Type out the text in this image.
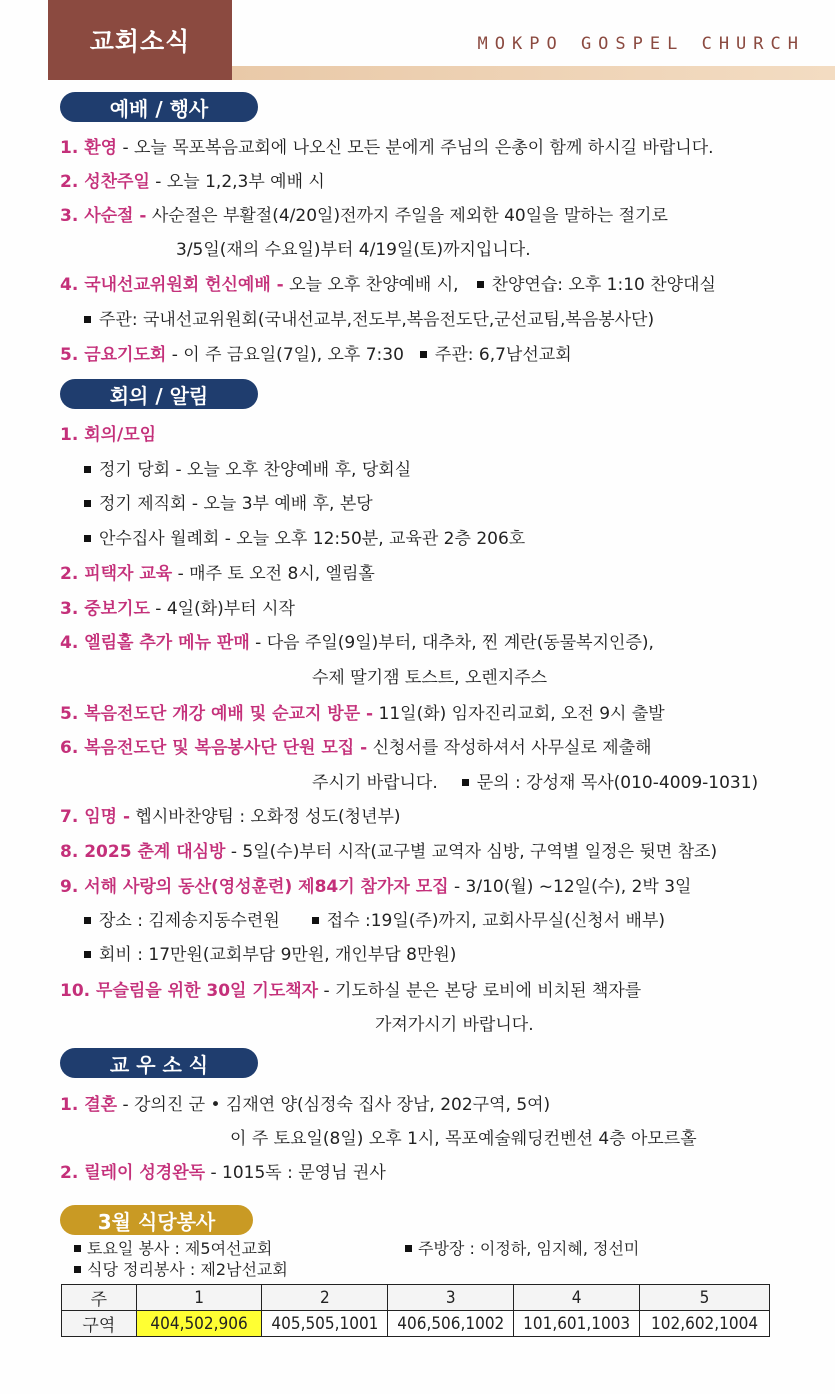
교회소식	MOKPO GOSPEL CHURCH
예배 / 행사
1. 환영 - 오늘 목포복음교회에 나오신 모든 분에게 주님의 은총이 함께 하시길 바랍니다.
2. 성찬주일 - 오늘 1,2,3부 예배 시
3. 사순절 - 사순절은 부활절(4/20일)전까지 주일을 제외한 40일을 말하는 절기로
3/5일(재의 수요일)부터 4/19일(토)까지입니다.
4. 국내선교위원회 헌신예배 - 오늘 오후 찬양예배 시, 찬양연습: 오후 1:10 찬양대실
주관: 국내선교위원회(국내선교부,전도부,복음전도단,군선교팀,복음봉사단)
5. 금요기도회 - 이 주 금요일(7일), 오후 7:30 주관: 6,7남선교회
회의 / 알림
1. 회의/모임
정기 당회 - 오늘 오후 찬양예배 후, 당회실
정기 제직회 - 오늘 3부 예배 후, 본당
안수집사 월례회 - 오늘 오후 12:50분, 교육관 2층 206호
2. 피택자 교육 - 매주 토 오전 8시, 엘림홀
3. 중보기도 - 4일(화)부터 시작
4. 엘림홀 추가 메뉴 판매 - 다음 주일(9일)부터, 대추차, 찐 계란(동물복지인증),
수제 딸기잼 토스트, 오렌지주스
5. 복음전도단 개강 예배 및 순교지 방문 - 11일(화) 임자진리교회, 오전 9시 출발
6. 복음전도단 및 복음봉사단 단원 모집 - 신청서를 작성하셔서 사무실로 제출해
주시기 바랍니다. 문의 : 강성재 목사(010-4009-1031)
7. 임명 - 헵시바찬양팀 : 오화정 성도(청년부)
8. 2025 춘계 대심방 - 5일(수)부터 시작(교구별 교역자 심방, 구역별 일정은 뒷면 참조)
9. 서해 사랑의 동산(영성훈련) 제84기 참가자 모집 - 3/10(월) ~12일(수), 2박 3일
장소 : 김제송지동수련원	접수 :19일(주)까지, 교회사무실(신청서 배부)
회비 : 17만원(교회부담 9만원, 개인부담 8만원)
10. 무슬림을 위한 30일 기도책자 - 기도하실 분은 본당 로비에 비치된 책자를
가져가시기 바랍니다.
교 우 소 식
1. 결혼 - 강의진 군 • 김재연 양(심정숙 집사 장남, 202구역, 5여)
이 주 토요일(8일) 오후 1시, 목포예술웨딩컨벤션 4층 아모르홀
2. 릴레이 성경완독 - 1015독 : 문영님 권사
3월 식당봉사
토요일 봉사 : 제5여선교회	주방장 : 이정하, 임지혜, 정선미
식당 정리봉사 : 제2남선교회
주	1	2	3	4	5
구역	404,502,906	405,505,1001	406,506,1002	101,601,1003	102,602,1004
